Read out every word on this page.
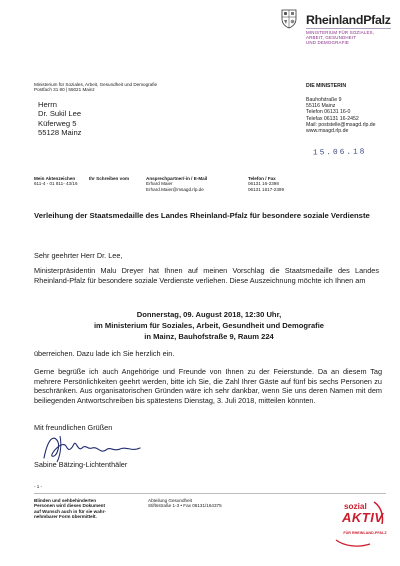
RheinlandPfalz
MINISTERIUM FÜR SOZIALES,
ARBEIT, GESUNDHEIT
UND DEMOGRAFIE
Ministerium für Soziales, Arbeit, Gesundheit und Demografie
Postfach 31 80 | 55021 Mainz
Herrn
Dr. Sukil Lee
Küferweg 5
55128 Mainz
DIE MINISTERIN
Bauhofstraße 9
55116 Mainz
Telefon 06131 16-0
Telefax 06131 16-2452
Mail: poststelle@msagd.rlp.de
www.msagd.rlp.de
15.06.18
Mein Aktenzeichen
611-4 - 01 811- 43/16
Ihr Schreiben vom	Ansprechpartner/-in / E-Mail
Erhard Maier
Erhard.Maier@msagd.rlp.de
Telefon / Fax
06131 16-2398
06131 1617-2399
Verleihung der Staatsmedaille des Landes Rheinland-Pfalz für besondere soziale Verdienste
Sehr geehrter Herr Dr. Lee,
Ministerpräsidentin Malu Dreyer hat Ihnen auf meinen Vorschlag die Staatsmedaille des Landes Rheinland-Pfalz für besondere soziale Verdienste verliehen. Diese Auszeichnung möchte ich Ihnen am
Donnerstag, 09. August 2018, 12:30 Uhr,
im Ministerium für Soziales, Arbeit, Gesundheit und Demografie
in Mainz, Bauhofstraße 9, Raum 224
überreichen. Dazu lade ich Sie herzlich ein.
Gerne begrüße ich auch Angehörige und Freunde von Ihnen zu der Feierstunde. Da an diesem Tag mehrere Persönlichkeiten geehrt werden, bitte ich Sie, die Zahl Ihrer Gäste auf fünf bis sechs Personen zu beschränken. Aus organisatorischen Gründen wäre ich sehr dankbar, wenn Sie uns deren Namen mit dem beiliegenden Antwortschreiben bis spätestens Dienstag, 3. Juli 2018, mitteilen könnten.
Mit freundlichen Grüßen
Sabine Bätzing-Lichtenthäler
- 1 -
Blinden und sehbehinderten
Personen wird dieses Dokument
auf Wunsch auch in für sie wahr-
nehmbarer Form übermittelt.
Abteilung Gesundheit
Stiftsstraße 1-3 • Fax 06131/164375	sozial
AKTIV
FÜR RHEINLAND-PFALZ
